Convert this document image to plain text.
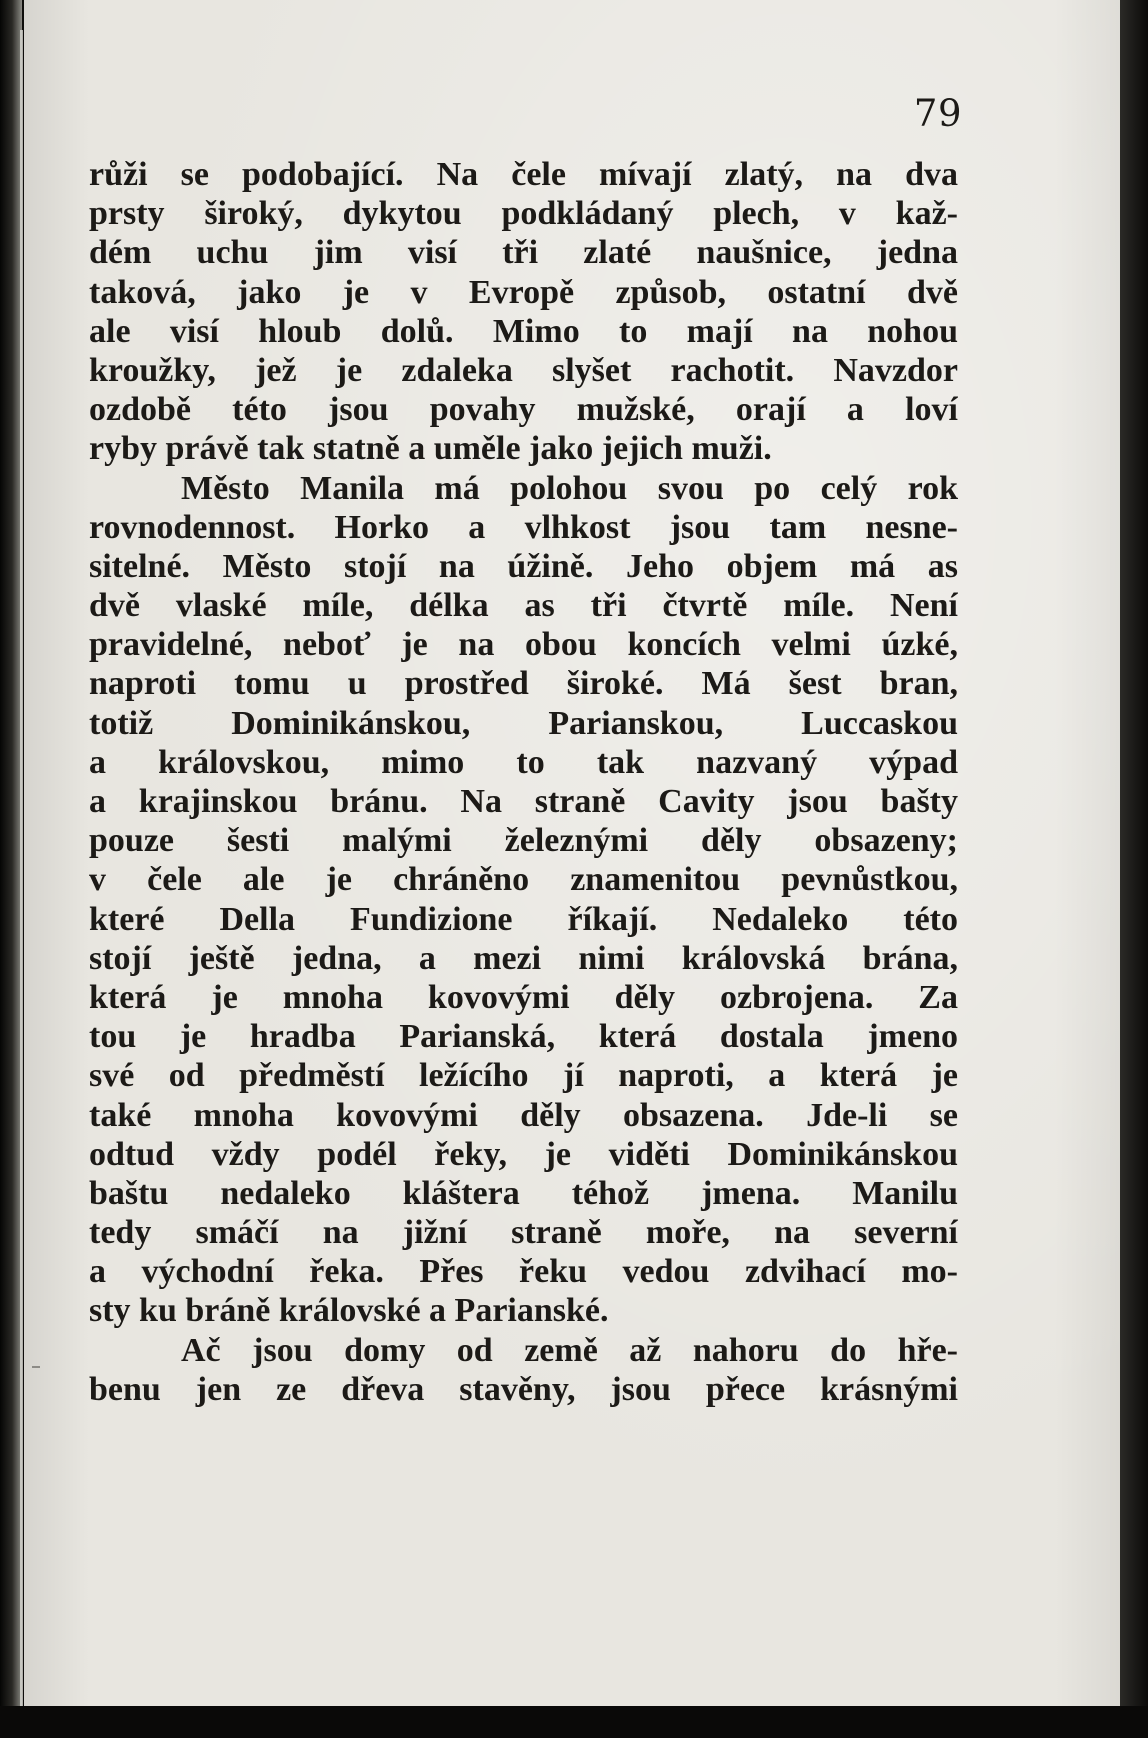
79
růži se podobající. Na čele mívají zlatý, na dva
prsty široký, dykytou podkládaný plech, v kaž-
dém uchu jim visí tři zlaté naušnice, jedna
taková, jako je v Evropě způsob, ostatní dvě
ale visí hloub dolů. Mimo to mají na nohou
kroužky, jež je zdaleka slyšet rachotit. Navzdor
ozdobě této jsou povahy mužské, orají a loví
ryby právě tak statně a uměle jako jejich muži.
Město Manila má polohou svou po celý rok
rovnodennost. Horko a vlhkost jsou tam nesne-
sitelné. Město stojí na úžině. Jeho objem má as
dvě vlaské míle, délka as tři čtvrtě míle. Není
pravidelné, neboť je na obou koncích velmi úzké,
naproti tomu u prostřed široké. Má šest bran,
totiž Dominikánskou, Parianskou, Luccaskou
a královskou, mimo to tak nazvaný výpad
a krajinskou bránu. Na straně Cavity jsou bašty
pouze šesti malými železnými děly obsazeny;
v čele ale je chráněno znamenitou pevnůstkou,
které Della Fundizione říkají. Nedaleko této
stojí ještě jedna, a mezi nimi královská brána,
která je mnoha kovovými děly ozbrojena. Za
tou je hradba Parianská, která dostala jmeno
své od předměstí ležícího jí naproti, a která je
také mnoha kovovými děly obsazena. Jde-li se
odtud vždy podél řeky, je viděti Dominikánskou
baštu nedaleko kláštera téhož jmena. Manilu
tedy smáčí na jižní straně moře, na severní
a východní řeka. Přes řeku vedou zdvihací mo-
sty ku bráně královské a Parianské.
Ač jsou domy od země až nahoru do hře-
benu jen ze dřeva stavěny, jsou přece krásnými
